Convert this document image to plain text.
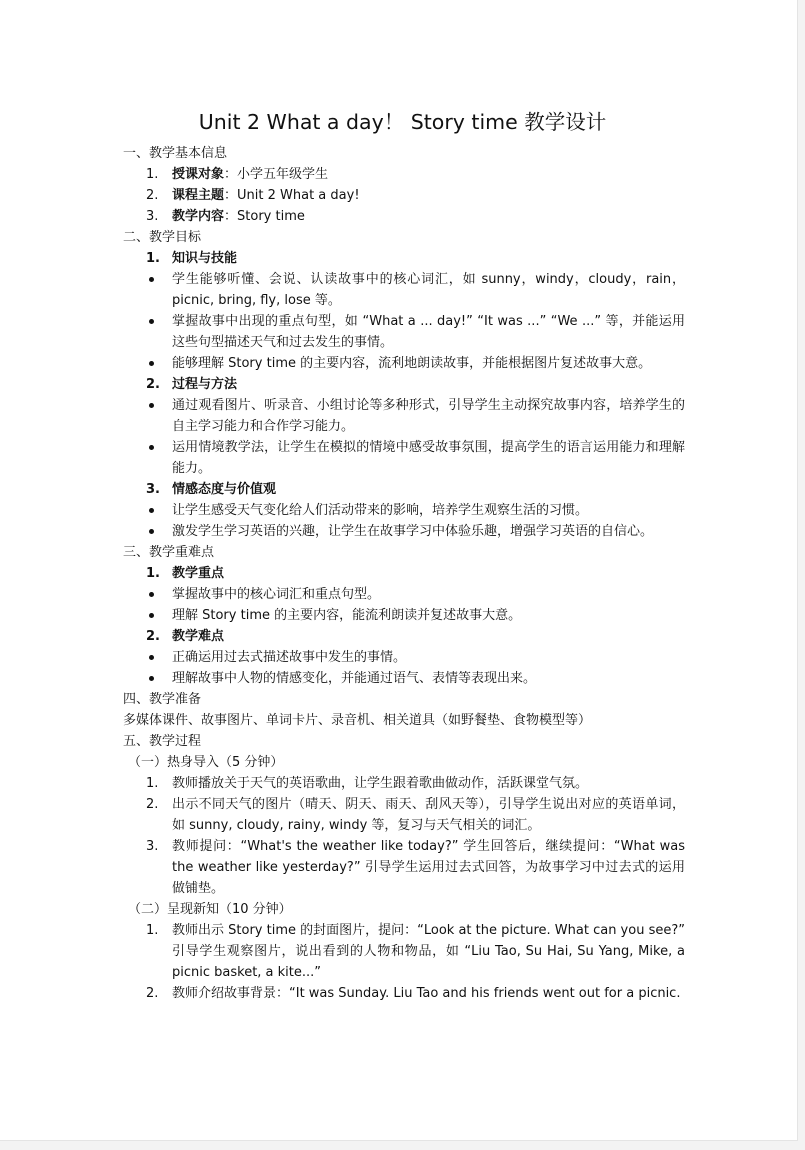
Unit 2 What a day！ Story time 教学设计

一、教学基本信息

1.	授课对象：小学五年级学生

2.	课程主题：Unit 2 What a day!

3.	教学内容：Story time

二、教学目标

1. 知识与技能

学生能够听懂、会说、认读故事中的核心词汇，如 sunny，windy，cloudy，rain，picnic, bring, fly, lose 等。

掌握故事中出现的重点句型，如 “What a ... day!” “It was ...” “We ...” 等，并能运用这些句型描述天气和过去发生的事情。

能够理解 Story time 的主要内容，流利地朗读故事，并能根据图片复述故事大意。

2. 过程与方法

通过观看图片、听录音、小组讨论等多种形式，引导学生主动探究故事内容，培养学生的自主学习能力和合作学习能力。

运用情境教学法，让学生在模拟的情境中感受故事氛围，提高学生的语言运用能力和理解能力。

3. 情感态度与价值观

让学生感受天气变化给人们活动带来的影响，培养学生观察生活的习惯。

激发学生学习英语的兴趣，让学生在故事学习中体验乐趣，增强学习英语的自信心。

三、教学重难点

1. 教学重点

掌握故事中的核心词汇和重点句型。

理解 Story time 的主要内容，能流利朗读并复述故事大意。

2. 教学难点

正确运用过去式描述故事中发生的事情。

理解故事中人物的情感变化，并能通过语气、表情等表现出来。

四、教学准备

多媒体课件、故事图片、单词卡片、录音机、相关道具（如野餐垫、食物模型等）

五、教学过程

（一）热身导入（5 分钟）

1. 教师播放关于天气的英语歌曲，让学生跟着歌曲做动作，活跃课堂气氛。

2. 出示不同天气的图片（晴天、阴天、雨天、刮风天等），引导学生说出对应的英语单词，如 sunny, cloudy, rainy, windy 等，复习与天气相关的词汇。

3. 教师提问：“What's the weather like today?” 学生回答后，继续提问：“What was the weather like yesterday?” 引导学生运用过去式回答，为故事学习中过去式的运用做铺垫。

（二）呈现新知（10 分钟）

1. 教师出示 Story time 的封面图片，提问：“Look at the picture. What can you see?” 引导学生观察图片，说出看到的人物和物品，如 “Liu Tao, Su Hai, Su Yang, Mike, a picnic basket, a kite...”

2. 教师介绍故事背景：“It was Sunday. Liu Tao and his friends went out for a picnic.
